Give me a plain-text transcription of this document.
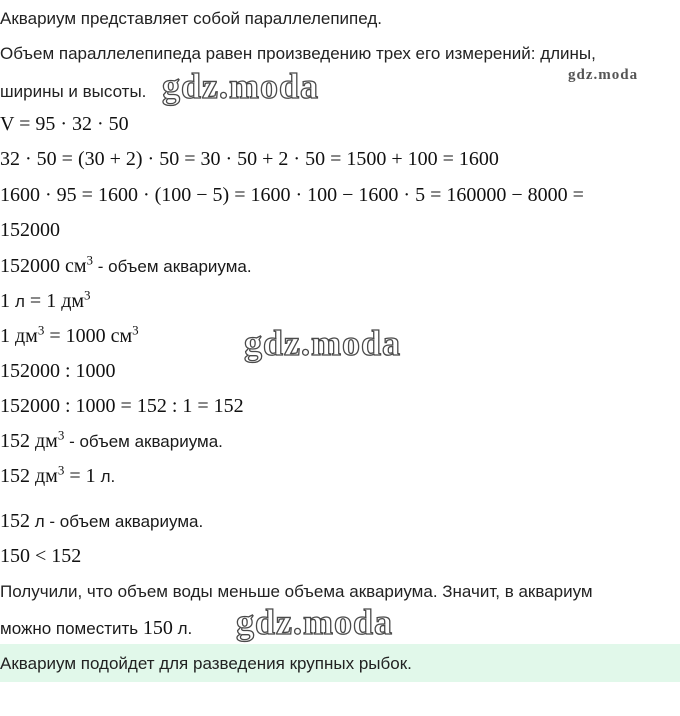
Аквариум представляет собой параллелепипед.
Объем параллелепипеда равен произведению трех его измерений: длины,
ширины и высоты. gdz.moda	gdz.moda
V = 95 · 32 · 50
32 · 50 = (30 + 2) · 50 = 30 · 50 + 2 · 50 = 1500 + 100 = 1600
1600 · 95 = 1600 · (100 − 5) = 1600 · 100 − 1600 · 5 = 160000 − 8000 =
152000
152000 $см^3$ - объем аквариума.
1 л = 1 $дм^3$
1 $дм^3 = 1000$ $см^3$	gdz.moda
152000 : 1000
152000 : 1000 = 152 : 1 = 152
152 $дм^3$ - объем аквариума.
152 $дм^3 = 1$ л.
152 л - объем аквариума.
150 < 152
Получили, что объем воды меньше объема аквариума. Значит, в аквариум
можно поместить 150 л. gdz.moda
Аквариум подойдет для разведения крупных рыбок.
